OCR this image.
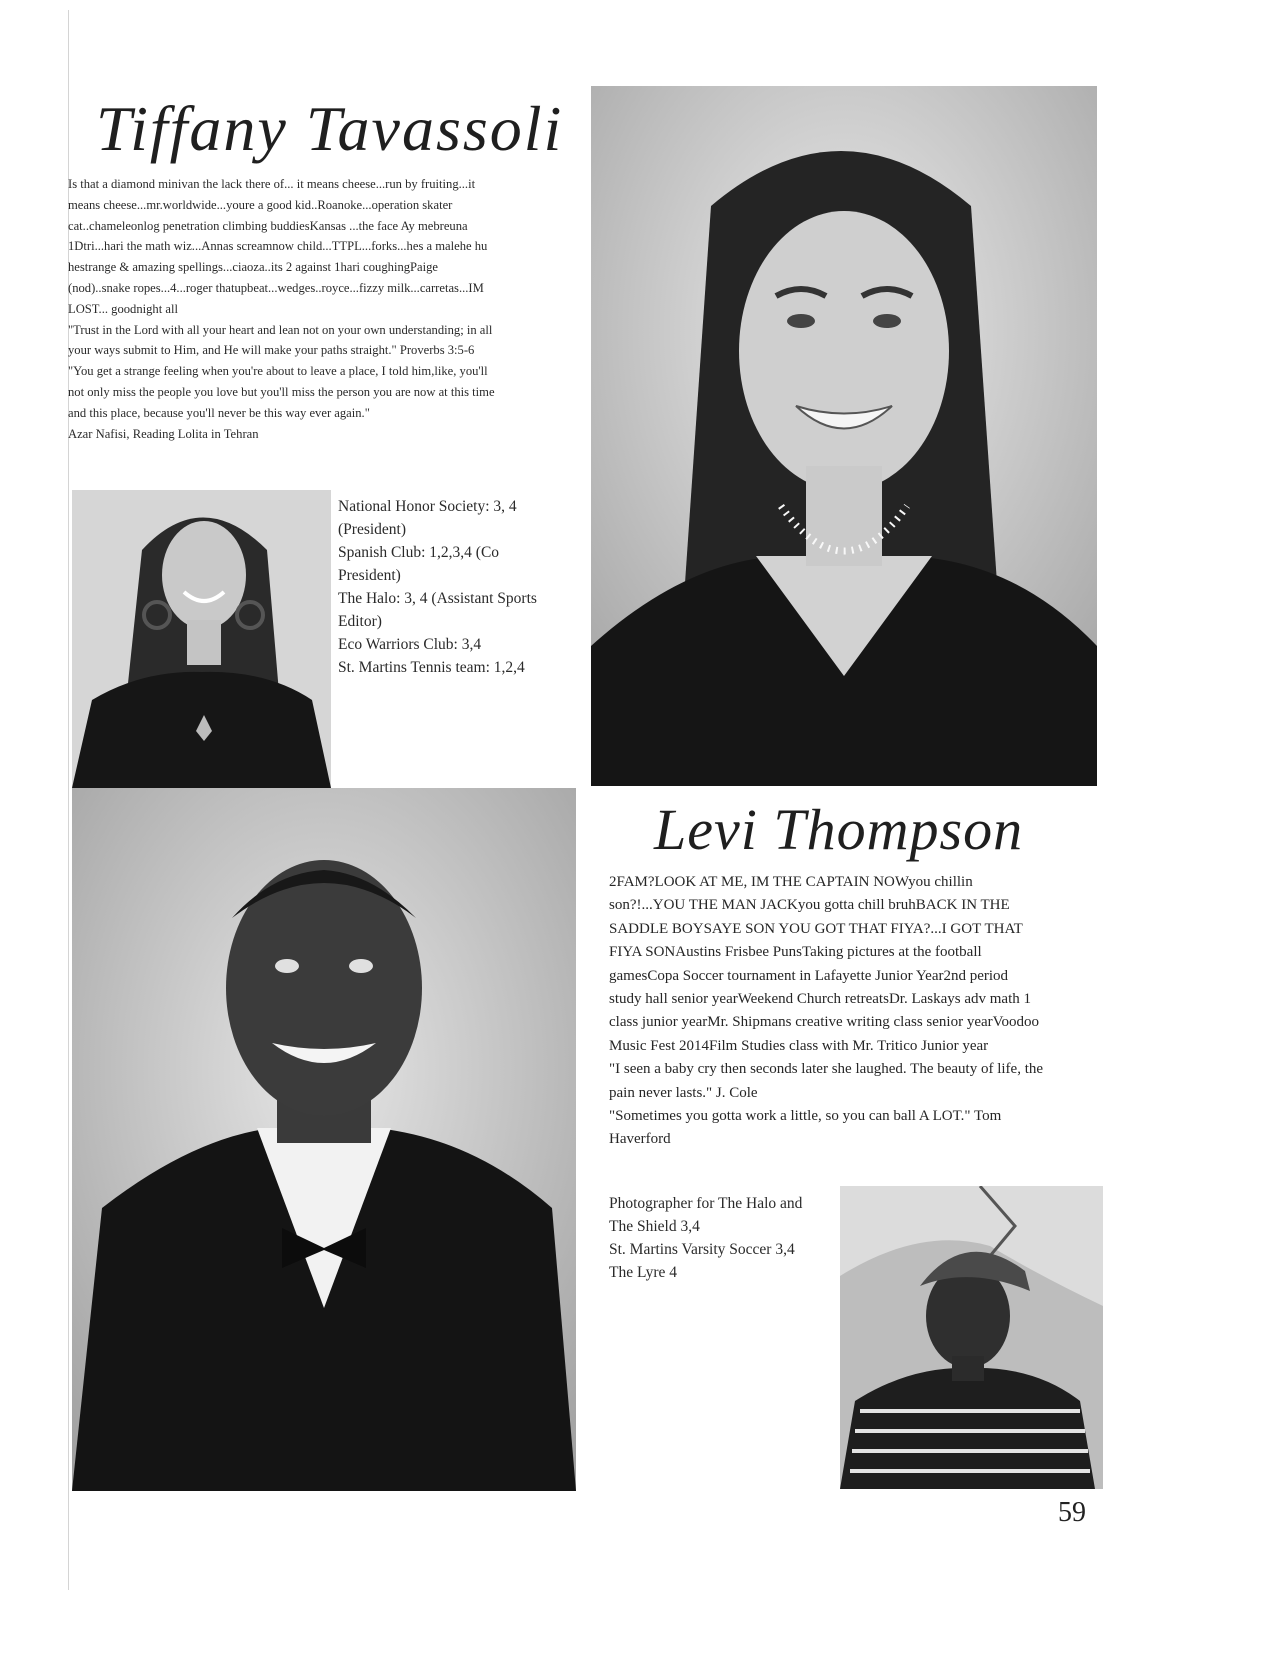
Tiffany Tavassoli

Is that a diamond minivan the lack there of... it means cheese...run by fruiting...it

means cheese...mr.worldwide...youre a good kid..Roanoke...operation skater

cat..chameleonlog penetration climbing buddiesKansas ...the face Ay mebreuna

1Dtri...hari the math wiz...Annas screamnow child...TTPL...forks...hes a malehe hu

hestrange & amazing spellings...ciaoza..its 2 against 1hari coughingPaige

(nod)..snake ropes...4...roger thatupbeat...wedges..royce...fizzy milk...carretas...IM

LOST... goodnight all

"Trust in the Lord with all your heart and lean not on your own understanding; in all

your ways submit to Him, and He will make your paths straight." Proverbs 3:5-6

"You get a strange feeling when you're about to leave a place, I told him,like, you'll

not only miss the people you love but you'll miss the person you are now at this time

and this place, because you'll never be this way ever again."

Azar Nafisi, Reading Lolita in Tehran

National Honor Society: 3, 4
(President)
Spanish Club: 1,2,3,4 (Co
President)
The Halo: 3, 4 (Assistant Sports
Editor)
Eco Warriors Club: 3,4
St. Martins Tennis team: 1,2,4
Levi Thompson

2FAM?LOOK AT ME, IM THE CAPTAIN NOWyou chillin

son?!...YOU THE MAN JACKyou gotta chill bruhBACK IN THE

SADDLE BOYSAYE SON YOU GOT THAT FIYA?...I GOT THAT

FIYA SONAustins Frisbee PunsTaking pictures at the football

gamesCopa Soccer tournament in Lafayette Junior Year2nd period

study hall senior yearWeekend Church retreatsDr. Laskays adv math 1

class junior yearMr. Shipmans creative writing class senior yearVoodoo

Music Fest 2014Film Studies class with Mr. Tritico Junior year

"I seen a baby cry then seconds later she laughed. The beauty of life, the

pain never lasts." J. Cole

"Sometimes you gotta work a little, so you can ball A LOT." Tom

Haverford

Photographer for The Halo and
The Shield 3,4
St. Martins Varsity Soccer 3,4
The Lyre 4
59
